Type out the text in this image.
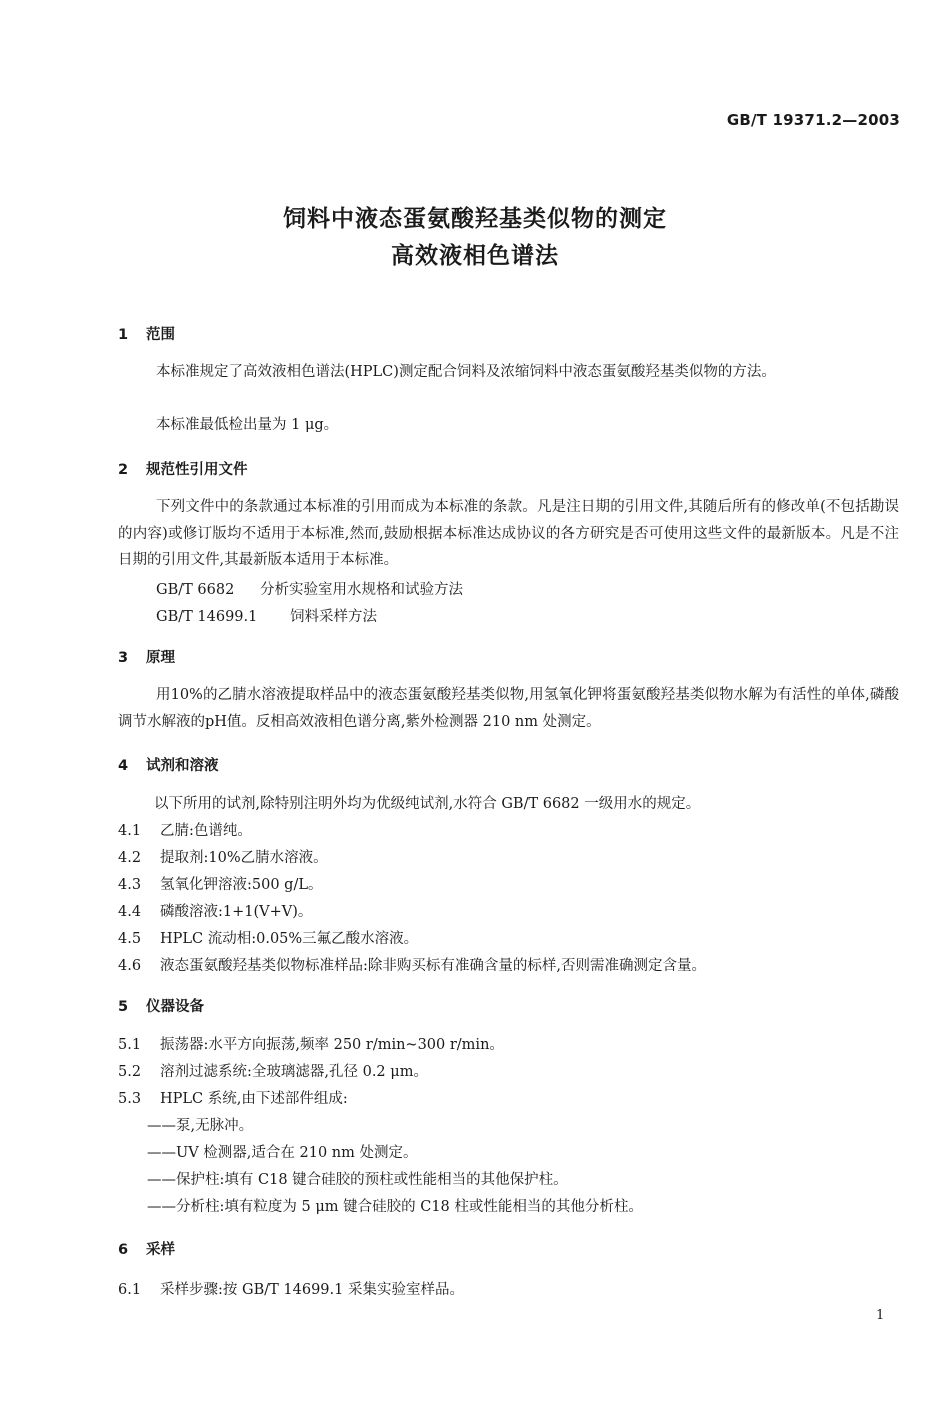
GB/T 19371.2—2003
饲料中液态蛋氨酸羟基类似物的测定
高效液相色谱法
1 范围
本标准规定了高效液相色谱法(HPLC)测定配合饲料及浓缩饲料中液态蛋氨酸羟基类似物的方法。
本标准最低检出量为 1 μg。
2 规范性引用文件
下列文件中的条款通过本标准的引用而成为本标准的条款。凡是注日期的引用文件,其随后所有的修改单(不包括勘误的内容)或修订版均不适用于本标准,然而,鼓励根据本标准达成协议的各方研究是否可使用这些文件的最新版本。凡是不注日期的引用文件,其最新版本适用于本标准。
GB/T 6682 分析实验室用水规格和试验方法
GB/T 14699.1 饲料采样方法
3 原理
用10%的乙腈水溶液提取样品中的液态蛋氨酸羟基类似物,用氢氧化钾将蛋氨酸羟基类似物水解为有活性的单体,磷酸调节水解液的pH值。反相高效液相色谱分离,紫外检测器 210 nm 处测定。
4 试剂和溶液
以下所用的试剂,除特别注明外均为优级纯试剂,水符合 GB/T 6682 一级用水的规定。
4.1 乙腈:色谱纯。
4.2 提取剂:10%乙腈水溶液。
4.3 氢氧化钾溶液:500 g/L。
4.4 磷酸溶液:1+1(V+V)。
4.5 HPLC 流动相:0.05%三氟乙酸水溶液。
4.6 液态蛋氨酸羟基类似物标准样品:除非购买标有准确含量的标样,否则需准确测定含量。
5 仪器设备
5.1 振荡器:水平方向振荡,频率 250 r/min~300 r/min。
5.2 溶剂过滤系统:全玻璃滤器,孔径 0.2 μm。
5.3 HPLC 系统,由下述部件组成:
——泵,无脉冲。
——UV 检测器,适合在 210 nm 处测定。
——保护柱:填有 C18 键合硅胶的预柱或性能相当的其他保护柱。
——分析柱:填有粒度为 5 μm 键合硅胶的 C18 柱或性能相当的其他分析柱。
6 采样
6.1 采样步骤:按 GB/T 14699.1 采集实验室样品。
1
